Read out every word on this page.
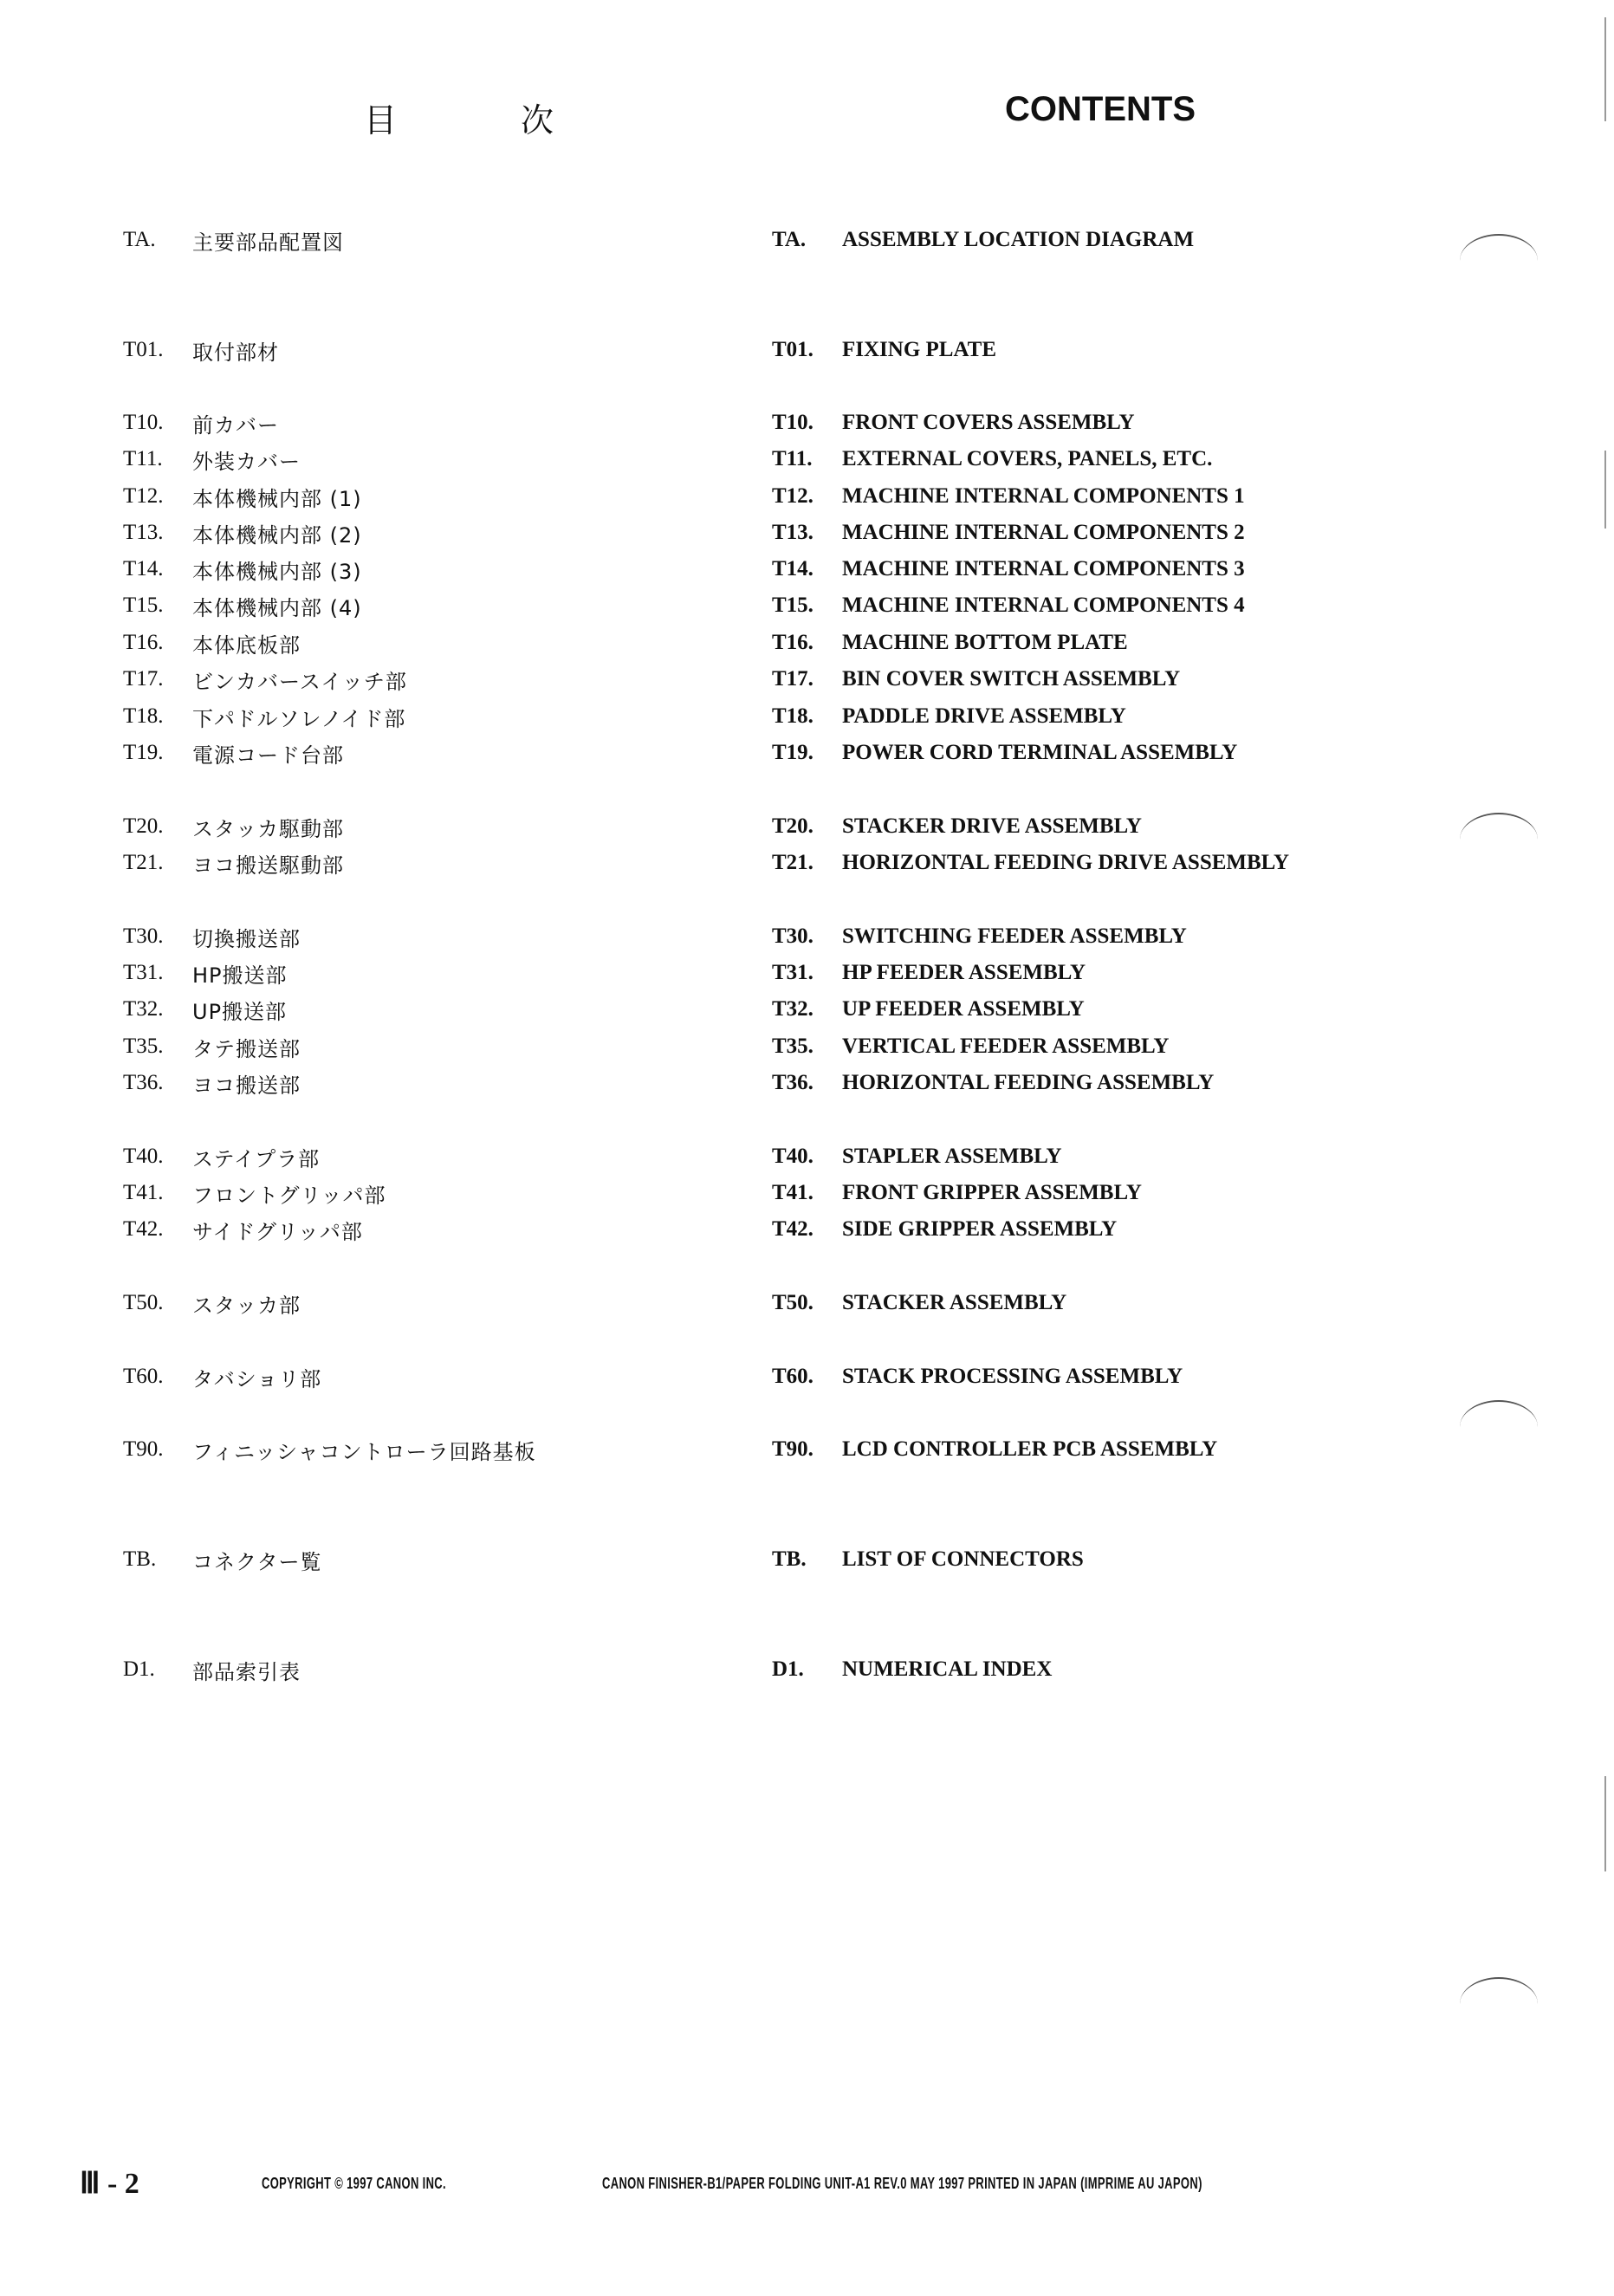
目	次	CONTENTS
TA.	主要部品配置図
T01.	取付部材
T10.	前カバー
T11.	外装カバー
T12.	本体機械内部 (1)
T13.	本体機械内部 (2)
T14.	本体機械内部 (3)
T15.	本体機械内部 (4)
T16.	本体底板部
T17.	ビンカバースイッチ部
T18.	下パドルソレノイド部
T19.	電源コード台部
T20.	スタッカ駆動部
T21.	ヨコ搬送駆動部
T30.	切換搬送部
T31.	HP搬送部
T32.	UP搬送部
T35.	タテ搬送部
T36.	ヨコ搬送部
T40.	ステイプラ部
T41.	フロントグリッパ部
T42.	サイドグリッパ部
T50.	スタッカ部
T60.	タバショリ部
T90.	フィニッシャコントローラ回路基板
TB.	コネクター覧
D1.	部品索引表
TA.	ASSEMBLY LOCATION DIAGRAM
T01.	FIXING PLATE
T10.	FRONT COVERS ASSEMBLY
T11.	EXTERNAL COVERS, PANELS, ETC.
T12.	MACHINE INTERNAL COMPONENTS 1
T13.	MACHINE INTERNAL COMPONENTS 2
T14.	MACHINE INTERNAL COMPONENTS 3
T15.	MACHINE INTERNAL COMPONENTS 4
T16.	MACHINE BOTTOM PLATE
T17.	BIN COVER SWITCH ASSEMBLY
T18.	PADDLE DRIVE ASSEMBLY
T19.	POWER CORD TERMINAL ASSEMBLY
T20.	STACKER DRIVE ASSEMBLY
T21.	HORIZONTAL FEEDING DRIVE ASSEMBLY
T30.	SWITCHING FEEDER ASSEMBLY
T31.	HP FEEDER ASSEMBLY
T32.	UP FEEDER ASSEMBLY
T35.	VERTICAL FEEDER ASSEMBLY
T36.	HORIZONTAL FEEDING ASSEMBLY
T40.	STAPLER ASSEMBLY
T41.	FRONT GRIPPER ASSEMBLY
T42.	SIDE GRIPPER ASSEMBLY
T50.	STACKER ASSEMBLY
T60.	STACK PROCESSING ASSEMBLY
T90.	LCD CONTROLLER PCB ASSEMBLY
TB.	LIST OF CONNECTORS
D1.	NUMERICAL INDEX
Ⅲ - 2	COPYRIGHT © 1997 CANON INC.	CANON FINISHER-B1/PAPER FOLDING UNIT-A1 REV.0 MAY 1997 PRINTED IN JAPAN (IMPRIME AU JAPON)
